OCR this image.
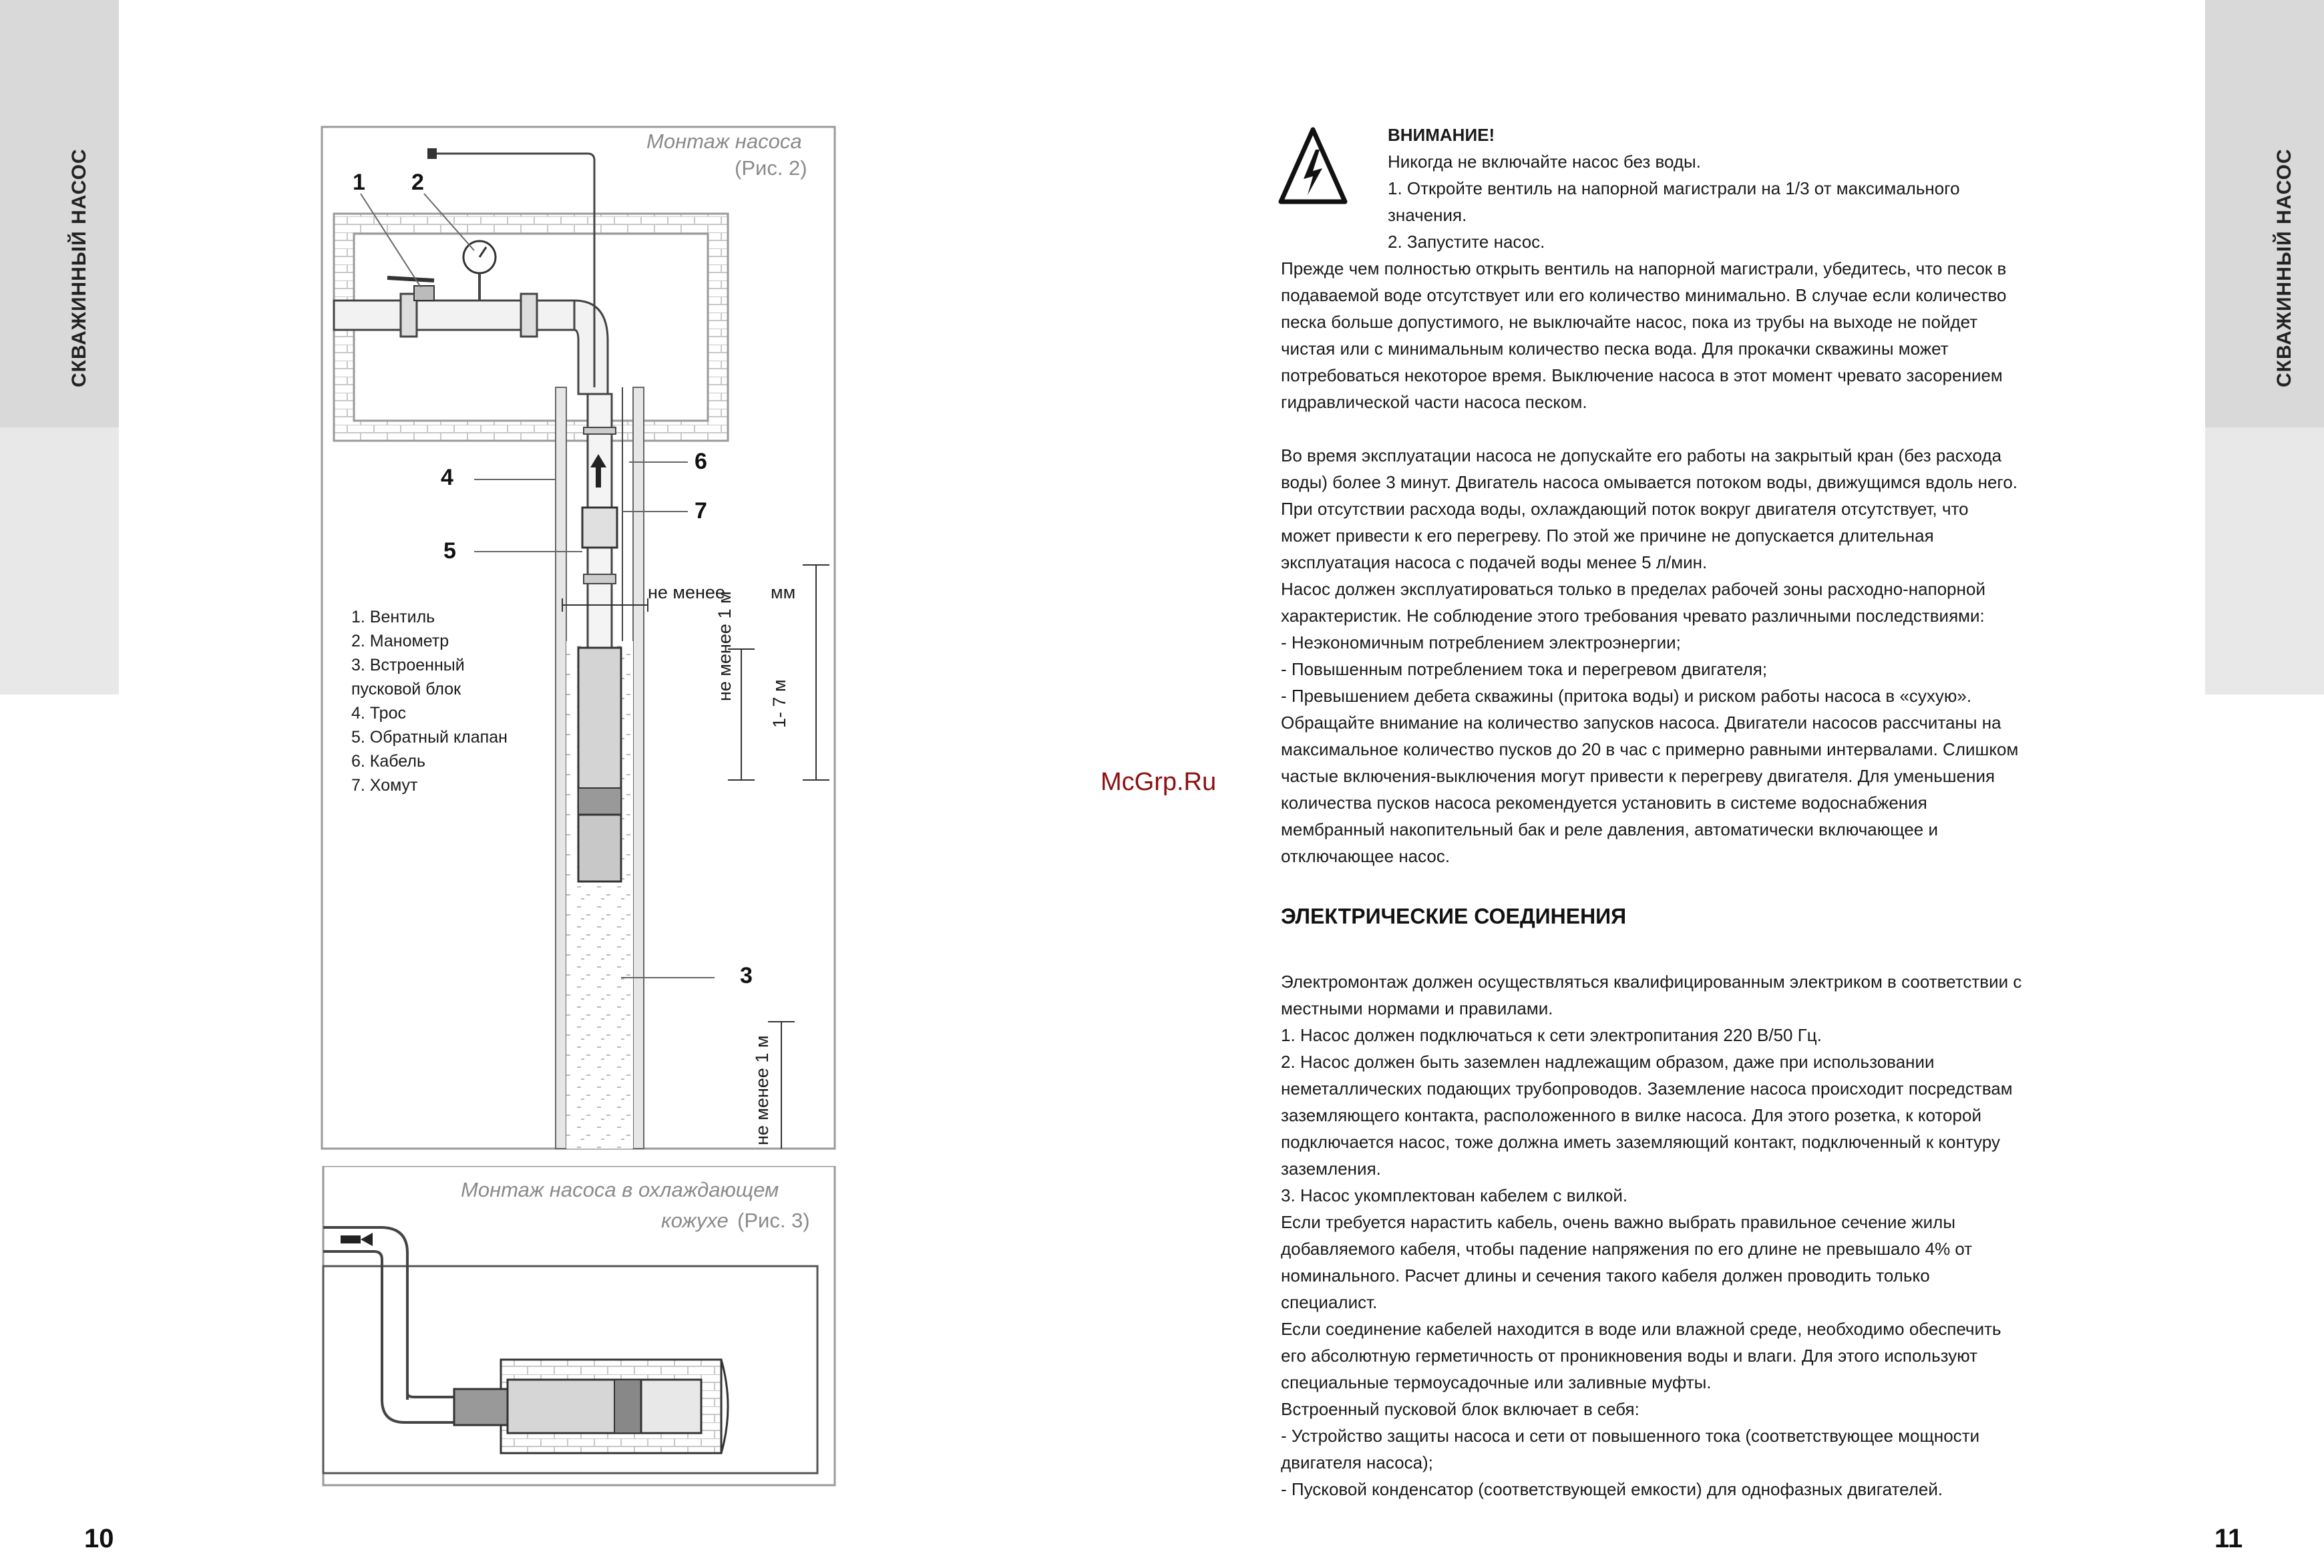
СКВАЖИННЫЙ НАСОС	СКВАЖИННЫЙ НАСОС
10	11
McGrp.Ru
Монтаж насоса
(Рис. 2)
1 2
3
4
5
6
7
не менее	мм
не менее 1 м
1- 7 м
не менее 1 м
1. Вентиль
2. Манометр
3. Встроенный
пусковой блок
4. Трос
5. Обратный клапан
6. Кабель
7. Хомут
Монтаж насоса в охлаждающем
кожухе (Рис. 3)
ВНИМАНИЕ!
Никогда не включайте насос без воды.
1. Откройте вентиль на напорной магистрали на 1/3 от максимального
значения.
2. Запустите насос.
Прежде чем полностью открыть вентиль на напорной магистрали, убедитесь, что песок в
подаваемой воде отсутствует или его количество минимально. В случае если количество
песка больше допустимого, не выключайте насос, пока из трубы на выходе не пойдет
чистая или с минимальным количество песка вода. Для прокачки скважины может
потребоваться некоторое время. Выключение насоса в этот момент чревато засорением
гидравлической части насоса песком.
Во время эксплуатации насоса не допускайте его работы на закрытый кран (без расхода
воды) более 3 минут. Двигатель насоса омывается потоком воды, движущимся вдоль него.
При отсутствии расхода воды, охлаждающий поток вокруг двигателя отсутствует, что
может привести к его перегреву. По этой же причине не допускается длительная
эксплуатация насоса с подачей воды менее 5 л/мин.
Насос должен эксплуатироваться только в пределах рабочей зоны расходно-напорной
характеристик. Не соблюдение этого требования чревато различными последствиями:
- Неэкономичным потреблением электроэнергии;
- Повышенным потреблением тока и перегревом двигателя;
- Превышением дебета скважины (притока воды) и риском работы насоса в «сухую».
Обращайте внимание на количество запусков насоса. Двигатели насосов рассчитаны на
максимальное количество пусков до 20 в час с примерно равными интервалами. Слишком
частые включения-выключения могут привести к перегреву двигателя. Для уменьшения
количества пусков насоса рекомендуется установить в системе водоснабжения
мембранный накопительный бак и реле давления, автоматически включающее и
отключающее насос.
ЭЛЕКТРИЧЕСКИЕ СОЕДИНЕНИЯ
Электромонтаж должен осуществляться квалифицированным электриком в соответствии с
местными нормами и правилами.
1. Насос должен подключаться к сети электропитания 220 В/50 Гц.
2. Насос должен быть заземлен надлежащим образом, даже при использовании
неметаллических подающих трубопроводов. Заземление насоса происходит посредствам
заземляющего контакта, расположенного в вилке насоса. Для этого розетка, к которой
подключается насос, тоже должна иметь заземляющий контакт, подключенный к контуру
заземления.
3. Насос укомплектован кабелем с вилкой.
Если требуется нарастить кабель, очень важно выбрать правильное сечение жилы
добавляемого кабеля, чтобы падение напряжения по его длине не превышало 4% от
номинального. Расчет длины и сечения такого кабеля должен проводить только
специалист.
Если соединение кабелей находится в воде или влажной среде, необходимо обеспечить
его абсолютную герметичность от проникновения воды и влаги. Для этого используют
специальные термоусадочные или заливные муфты.
Встроенный пусковой блок включает в себя:
- Устройство защиты насоса и сети от повышенного тока (соответствующее мощности
двигателя насоса);
- Пусковой конденсатор (соответствующей емкости) для однофазных двигателей.
